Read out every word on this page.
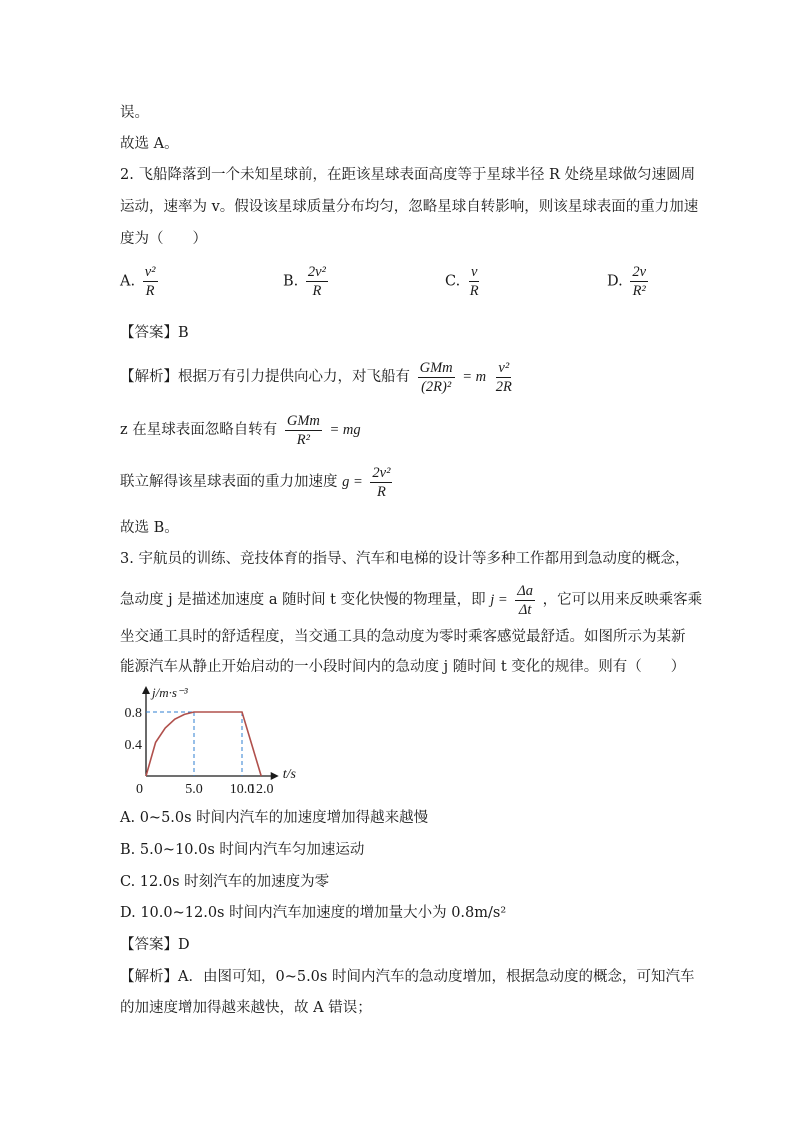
误。
故选 A。
2. 飞船降落到一个未知星球前，在距该星球表面高度等于星球半径 R 处绕星球做匀速圆周
运动，速率为 v。假设该星球质量分布均匀，忽略星球自转影响，则该星球表面的重力加速
度为（　　）
A. $\frac{\text{v²}}{R}$	B. $\frac{\text{2v²}}{R}$	C. $\frac{v}{R}$	D. $\frac{2v}{\text{R²}}$
【答案】B
【解析】根据万有引力提供向心力，对飞船有 $\frac{\text{GMm}}{\text{(2R)²}} = m \frac{\text{v²}}{2R}$
z 在星球表面忽略自转有 $\frac{\text{GMm}}{\text{R²}}$ = mg
联立解得该星球表面的重力加速度 $g = \frac{\text{2v²}}{R}$
故选 B。
3. 宇航员的训练、竞技体育的指导、汽车和电梯的设计等多种工作都用到急动度的概念，
急动度 j 是描述加速度 a 随时间 t 变化快慢的物理量，即 $j = \frac{\Delta a}{\Delta t}$ ，它可以用来反映乘客乘
坐交通工具时的舒适程度，当交通工具的急动度为零时乘客感觉最舒适。如图所示为某新
能源汽车从静止开始启动的一小段时间内的急动度 j 随时间 t 变化的规律。则有（　　）
0	5.0 10.0
12.0
0.4
0.8
j/m·s⁻³
t/s
A. 0~5.0s 时间内汽车的加速度增加得越来越慢
B. 5.0~10.0s 时间内汽车匀加速运动
C. 12.0s 时刻汽车的加速度为零
D. 10.0~12.0s 时间内汽车加速度的增加量大小为 0.8m/s²
【答案】D
【解析】A．由图可知，0~5.0s 时间内汽车的急动度增加，根据急动度的概念，可知汽车
的加速度增加得越来越快，故 A 错误；
